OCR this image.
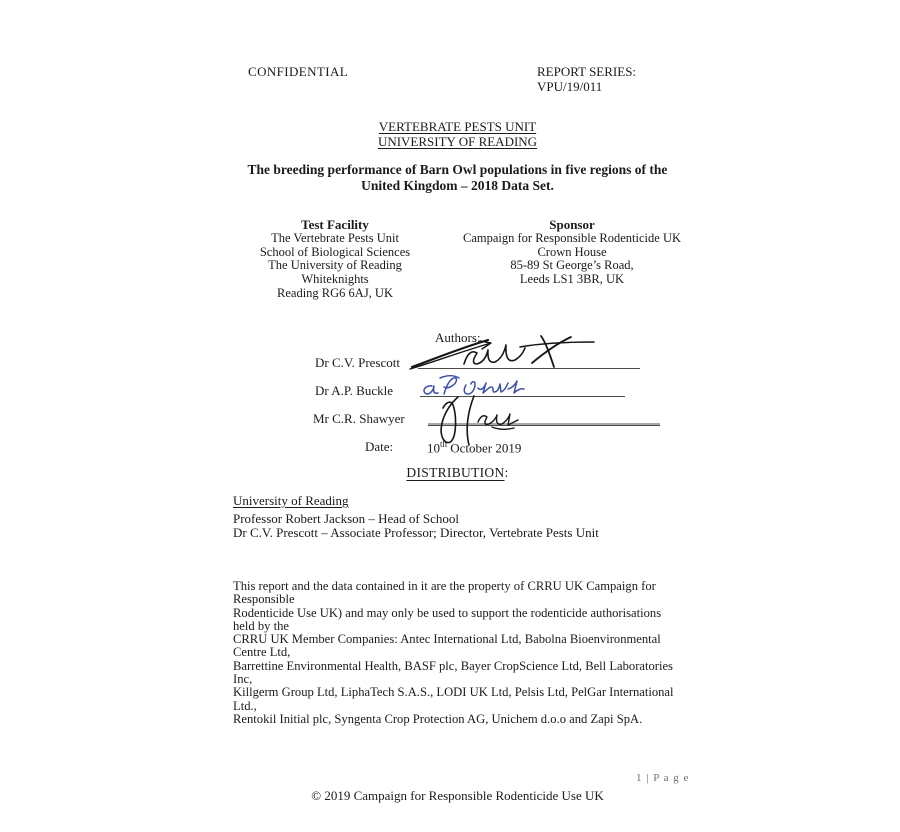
CONFIDENTIAL	REPORT SERIES:
VPU/19/011
VERTEBRATE PESTS UNIT
UNIVERSITY OF READING
The breeding performance of Barn Owl populations in five regions of the
United Kingdom – 2018 Data Set.
Test Facility
The Vertebrate Pests Unit
School of Biological Sciences
The University of Reading
Whiteknights
Reading RG6 6AJ, UK
Sponsor
Campaign for Responsible Rodenticide UK
Crown House
85-89 St George’s Road,
Leeds LS1 3BR, UK
Authors:
Dr C.V. Prescott
Dr A.P. Buckle
Mr C.R. Shawyer
Date:	10th October 2019
DISTRIBUTION:
University of Reading
Professor Robert Jackson – Head of School
Dr C.V. Prescott – Associate Professor; Director, Vertebrate Pests Unit
This report and the data contained in it are the property of CRRU UK Campaign for Responsible
Rodenticide Use UK) and may only be used to support the rodenticide authorisations held by the
CRRU UK Member Companies: Antec International Ltd, Babolna Bioenvironmental Centre Ltd,
Barrettine Environmental Health, BASF plc, Bayer CropScience Ltd, Bell Laboratories Inc,
Killgerm Group Ltd, LiphaTech S.A.S., LODI UK Ltd, Pelsis Ltd, PelGar International Ltd.,
Rentokil Initial plc, Syngenta Crop Protection AG, Unichem d.o.o and Zapi SpA.
1 | P a g e
© 2019 Campaign for Responsible Rodenticide Use UK
